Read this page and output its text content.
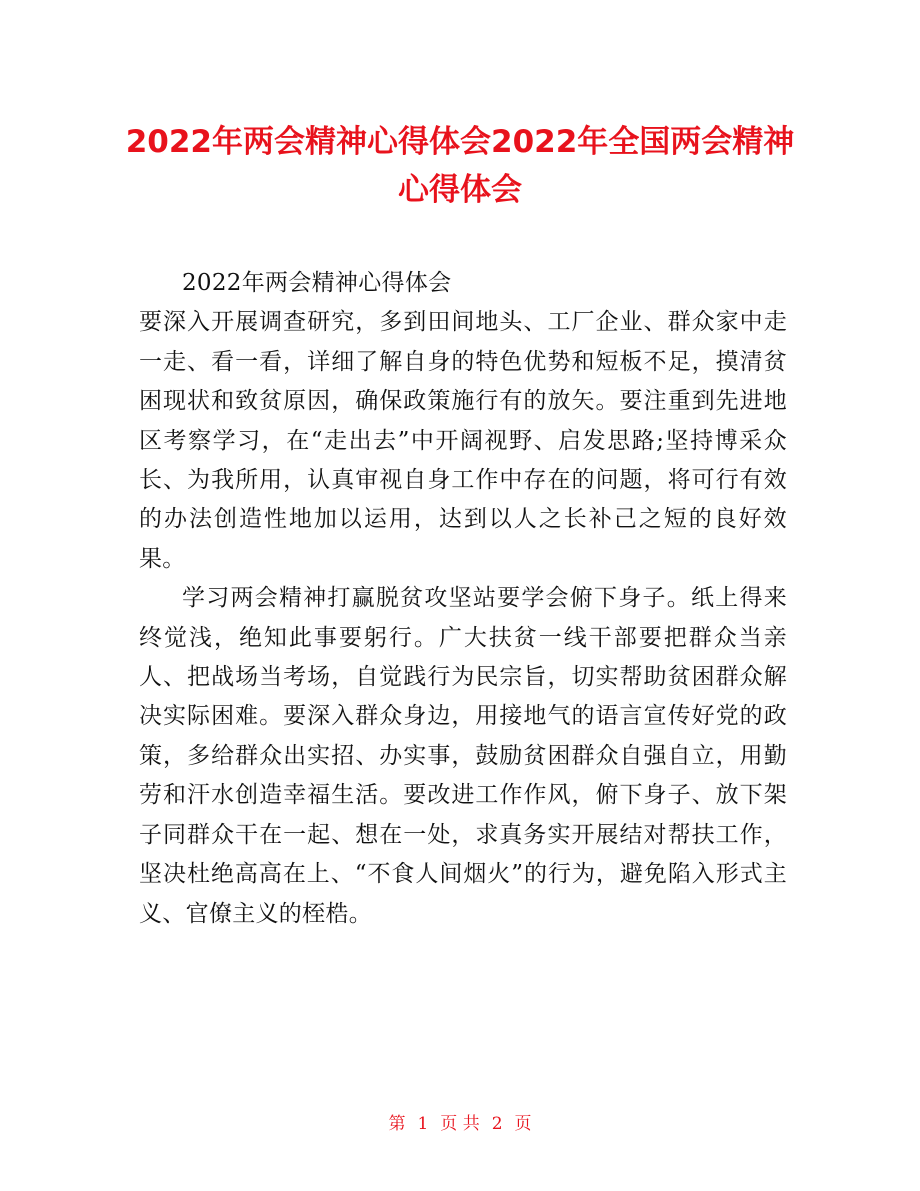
2022年两会精神心得体会2022年全国两会精神心得体会

2022年两会精神心得体会

要深入开展调查研究，多到田间地头、工厂企业、群众家中走一走、看一看，详细了解自身的特色优势和短板不足，摸清贫困现状和致贫原因，确保政策施行有的放矢。要注重到先进地区考察学习，在“走出去”中开阔视野、启发思路;坚持博采众长、为我所用，认真审视自身工作中存在的问题，将可行有效的办法创造性地加以运用，达到以人之长补己之短的良好效果。

学习两会精神打赢脱贫攻坚站要学会俯下身子。纸上得来终觉浅，绝知此事要躬行。广大扶贫一线干部要把群众当亲人、把战场当考场，自觉践行为民宗旨，切实帮助贫困群众解决实际困难。要深入群众身边，用接地气的语言宣传好党的政策，多给群众出实招、办实事，鼓励贫困群众自强自立，用勤劳和汗水创造幸福生活。要改进工作作风，俯下身子、放下架子同群众干在一起、想在一处，求真务实开展结对帮扶工作，坚决杜绝高高在上、“不食人间烟火”的行为，避免陷入形式主义、官僚主义的桎梏。

第 1 页 共 2 页
